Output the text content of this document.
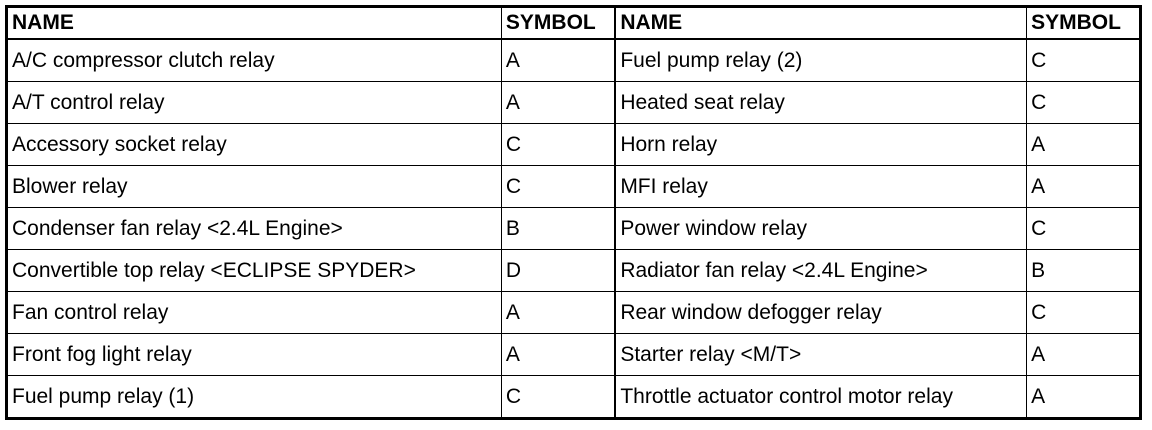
NAME	SYMBOL	NAME	SYMBOL
A/C compressor clutch relay	A	Fuel pump relay (2)	C
A/T control relay	A	Heated seat relay	C
Accessory socket relay	C	Horn relay	A
Blower relay	C	MFI relay	A
Condenser fan relay <2.4L Engine>	B	Power window relay	C
Convertible top relay <ECLIPSE SPYDER>	D	Radiator fan relay <2.4L Engine>	B
Fan control relay	A	Rear window defogger relay	C
Front fog light relay	A	Starter relay <M/T>	A
Fuel pump relay (1)	C	Throttle actuator control motor relay	A
